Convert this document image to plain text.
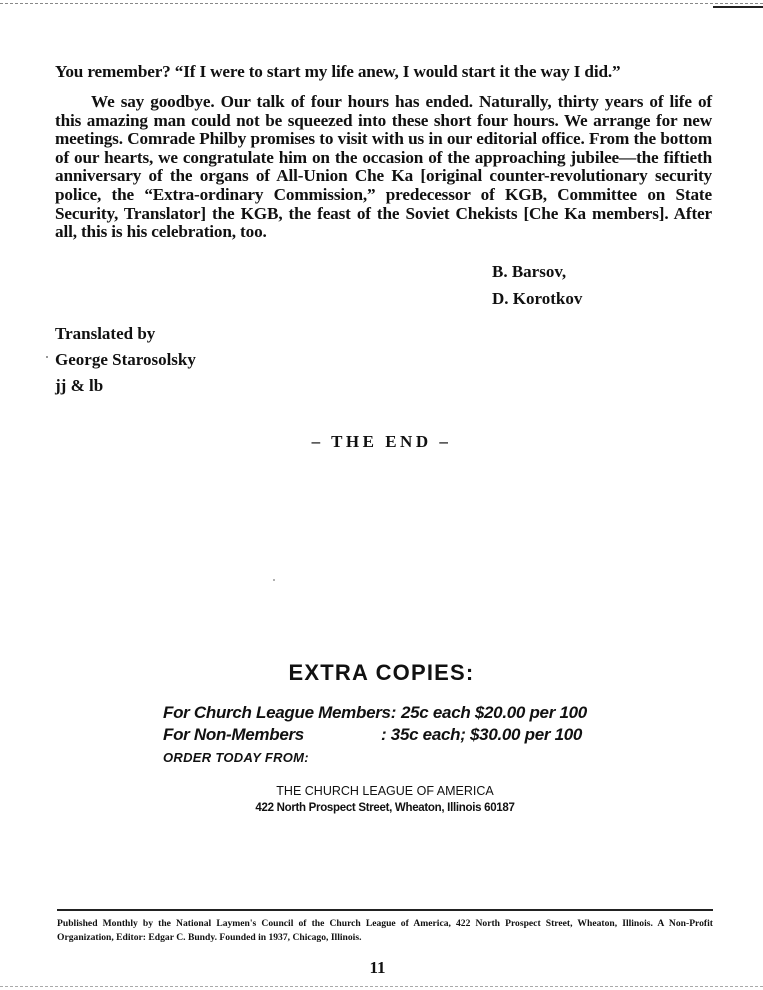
You remember? “If I were to start my life anew, I would start it the way I did.”

We say goodbye. Our talk of four hours has ended. Naturally, thirty years of life of this amazing man could not be squeezed into these short four hours. We arrange for new meetings. Comrade Philby promises to visit with us in our editorial office. From the bottom of our hearts, we congratulate him on the occasion of the approaching jubilee—the fiftieth anniversary of the organs of All-Union Che Ka [original counter-revolutionary security police, the “Extra-ordinary Commission,” predecessor of KGB, Committee on State Security, Translator] the KGB, the feast of the Soviet Chekists [Che Ka members]. After all, this is his celebration, too.

B. Barsov,
D. Korotkov
Translated by
George Starosolsky
jj & lb
– THE END –
EXTRA COPIES:
For Church League Members: 25c each $20.00 per 100
For Non-Members	: 35c each; $30.00 per 100
ORDER TODAY FROM:
THE CHURCH LEAGUE OF AMERICA
422 North Prospect Street, Wheaton, Illinois 60187
Published Monthly by the National Laymen's Council of the Church League of America, 422 North Prospect Street, Wheaton, Illinois. A Non-Profit Organization, Editor: Edgar C. Bundy. Founded in 1937, Chicago, Illinois.
11
